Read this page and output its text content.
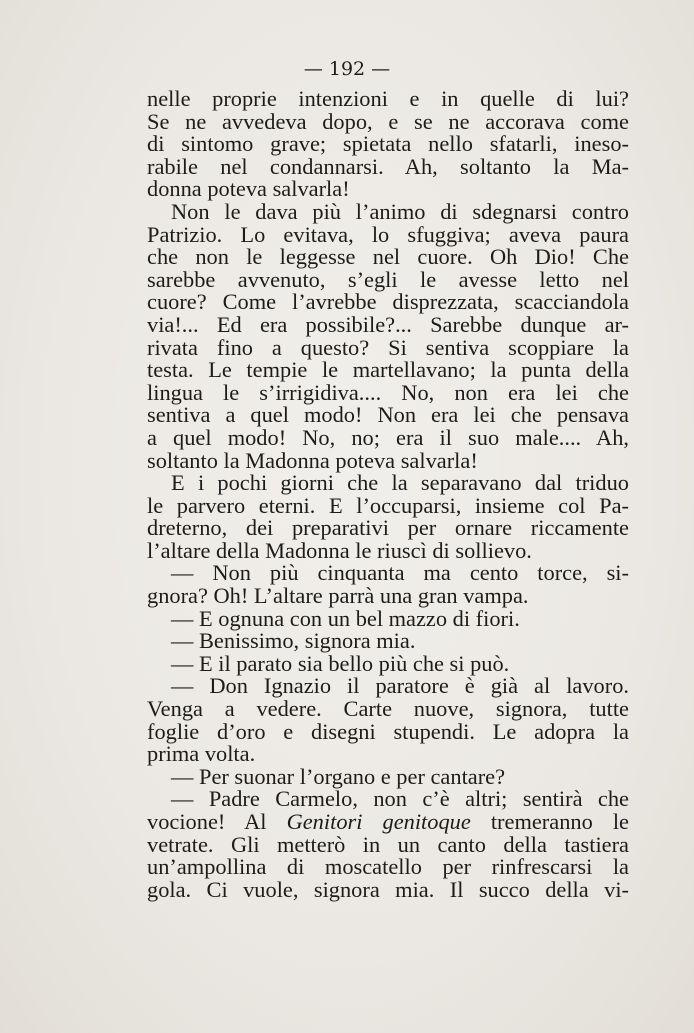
— 192 —
nelle proprie intenzioni e in quelle di lui?
Se ne avvedeva dopo, e se ne accorava come
di sintomo grave; spietata nello sfatarli, ineso-
rabile nel condannarsi. Ah, soltanto la Ma-
donna poteva salvarla!
Non le dava più l’animo di sdegnarsi contro
Patrizio. Lo evitava, lo sfuggiva; aveva paura
che non le leggesse nel cuore. Oh Dio! Che
sarebbe avvenuto, s’egli le avesse letto nel
cuore? Come l’avrebbe disprezzata, scacciandola
via!... Ed era possibile?... Sarebbe dunque ar-
rivata fino a questo? Si sentiva scoppiare la
testa. Le tempie le martellavano; la punta della
lingua le s’irrigidiva.... No, non era lei che
sentiva a quel modo! Non era lei che pensava
a quel modo! No, no; era il suo male.... Ah,
soltanto la Madonna poteva salvarla!
E i pochi giorni che la separavano dal triduo
le parvero eterni. E l’occuparsi, insieme col Pa-
dreterno, dei preparativi per ornare riccamente
l’altare della Madonna le riuscì di sollievo.
— Non più cinquanta ma cento torce, si-
gnora? Oh! L’altare parrà una gran vampa.
— E ognuna con un bel mazzo di fiori.
— Benissimo, signora mia.
— E il parato sia bello più che si può.
— Don Ignazio il paratore è già al lavoro.
Venga a vedere. Carte nuove, signora, tutte
foglie d’oro e disegni stupendi. Le adopra la
prima volta.
— Per suonar l’organo e per cantare?
— Padre Carmelo, non c’è altri; sentirà che
vocione! Al Genitori genitoque tremeranno le
vetrate. Gli metterò in un canto della tastiera
un’ampollina di moscatello per rinfrescarsi la
gola. Ci vuole, signora mia. Il succo della vi-
